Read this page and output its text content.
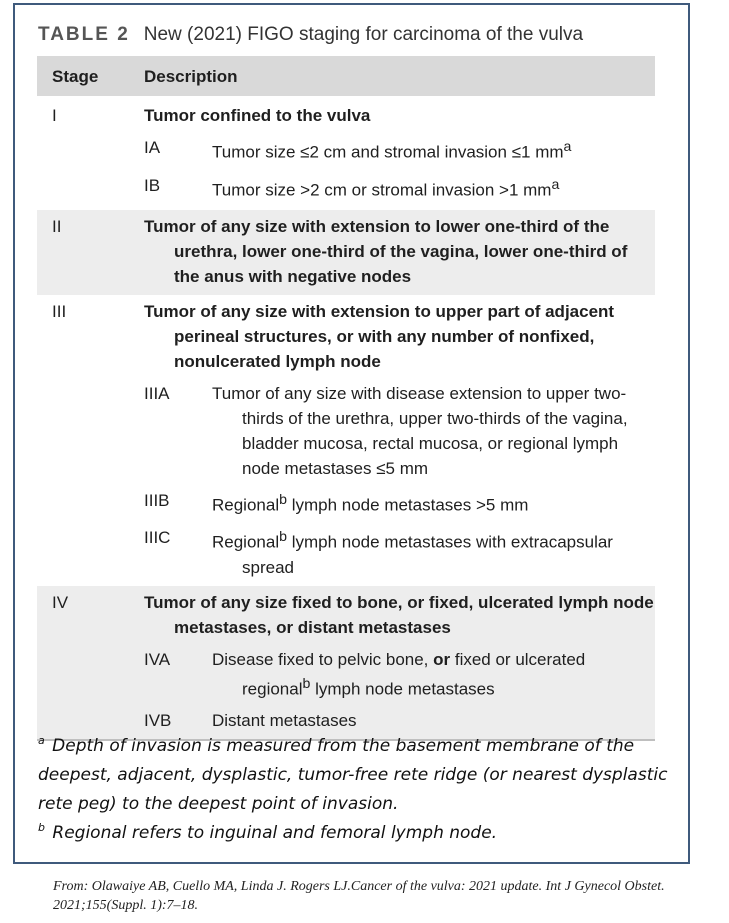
TABLE 2 New (2021) FIGO staging for carcinoma of the vulva
Stage	Description
I	Tumor confined to the vulva

	IA Tumor size ≤2 cm and stromal invasion ≤1 $mm^a$

	IB Tumor size >2 cm or stromal invasion >1 $mm^a$

II	Tumor of any size with extension to lower one-third of the urethra, lower one-third of the vagina, lower one-third of the anus with negative nodes
III	Tumor of any size with extension to upper part of adjacent perineal structures, or with any number of nonfixed, nonulcerated lymph node

	IIIA Tumor of any size with disease extension to upper two-thirds of the urethra, upper two-thirds of the vagina, bladder mucosa, rectal mucosa, or regional lymph node metastases ≤5 mm

	IIIB Regional$^b$ lymph node metastases >5 mm

	IIIC Regional$^b$ lymph node metastases with extracapsular spread

IV	Tumor of any size fixed to bone, or fixed, ulcerated lymph node metastases, or distant metastases

	IVA Disease fixed to pelvic bone, or fixed or ulcerated regional$^b$ lymph node metastases

	IVB Distant metastases
$^a$ Depth of invasion is measured from the basement membrane of the deepest, adjacent, dysplastic, tumor-free rete ridge (or nearest dysplastic rete peg) to the deepest point of invasion.
$^b$ Regional refers to inguinal and femoral lymph node.
From: Olawaiye AB, Cuello MA, Linda J. Rogers LJ.Cancer of the vulva: 2021 update. Int J Gynecol Obstet. 2021;155(Suppl. 1):7–18.
